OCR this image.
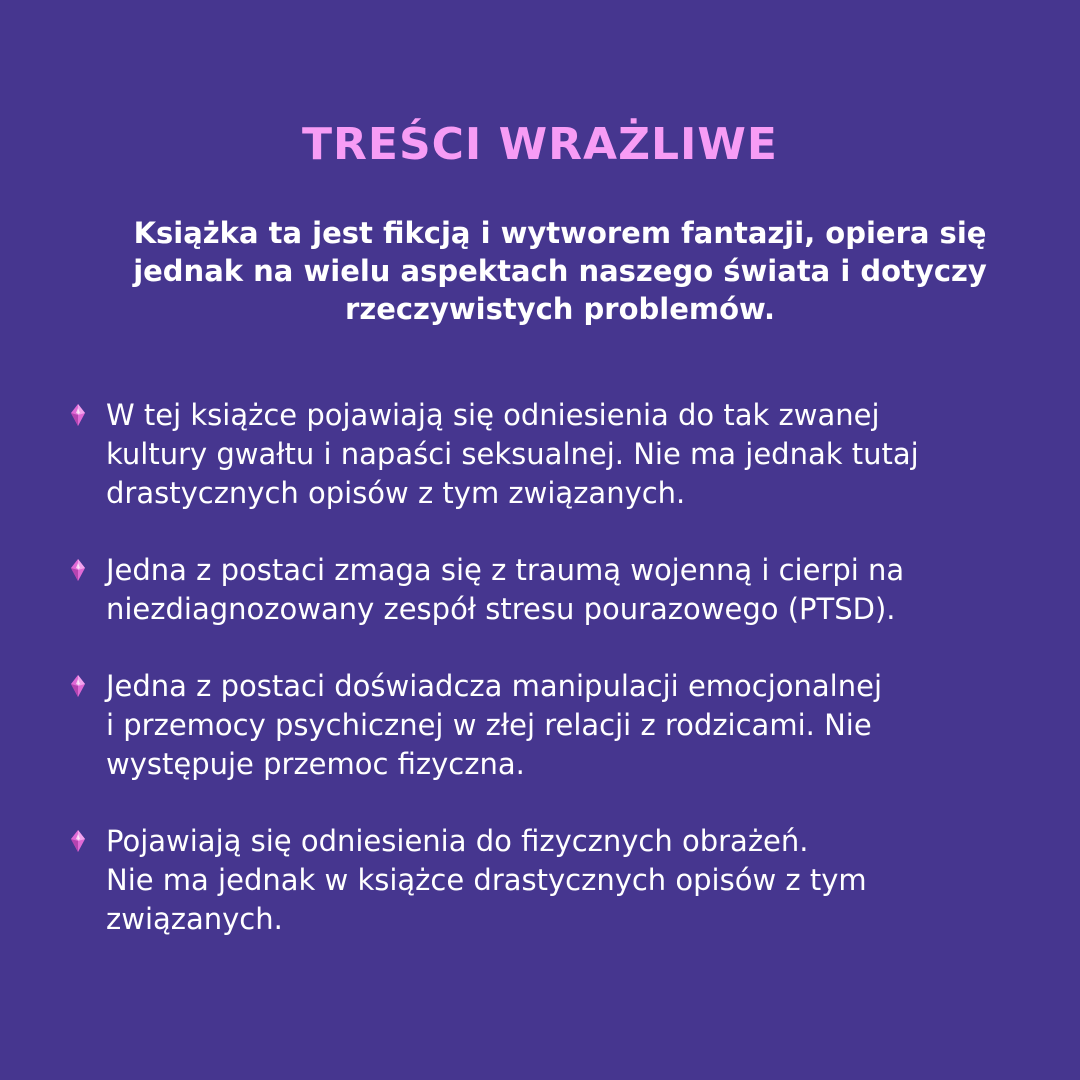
TREŚCI WRAŻLIWE

Książka ta jest fikcją i wytworem fantazji, opiera się jednak na wielu aspektach naszego świata i dotyczy rzeczywistych problemów.

W tej książce pojawiają się odniesienia do tak zwanej
kultury gwałtu i napaści seksualnej. Nie ma jednak tutaj
drastycznych opisów z tym związanych.
Jedna z postaci zmaga się z traumą wojenną i cierpi na
niezdiagnozowany zespół stresu pourazowego (PTSD).
Jedna z postaci doświadcza manipulacji emocjonalnej
i przemocy psychicznej w złej relacji z rodzicami. Nie
występuje przemoc fizyczna.
Pojawiają się odniesienia do fizycznych obrażeń.
Nie ma jednak w książce drastycznych opisów z tym
związanych.
